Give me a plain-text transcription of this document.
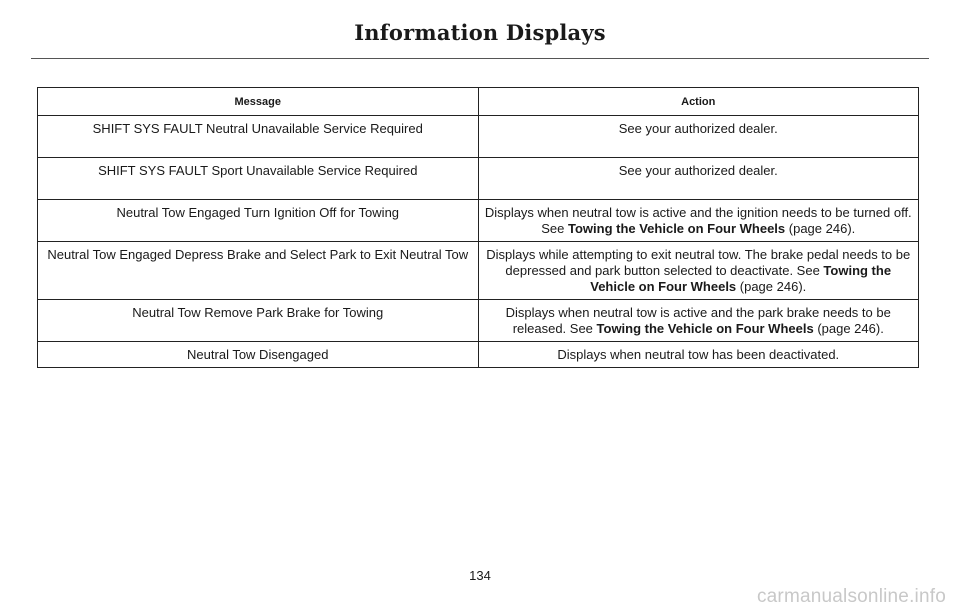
Information Displays
Message	Action
SHIFT SYS FAULT Neutral Unavailable Service Required	See your authorized dealer.
SHIFT SYS FAULT Sport Unavailable Service Required	See your authorized dealer.
Neutral Tow Engaged Turn Ignition Off for Towing	Displays when neutral tow is active and the ignition needs to be turned off. See Towing the Vehicle on Four Wheels (page 246).
Neutral Tow Engaged Depress Brake and Select Park to Exit Neutral Tow	Displays while attempting to exit neutral tow. The brake pedal needs to be depressed and park button selected to deactivate. See Towing the Vehicle on Four Wheels (page 246).
Neutral Tow Remove Park Brake for Towing	Displays when neutral tow is active and the park brake needs to be released. See Towing the Vehicle on Four Wheels (page 246).
Neutral Tow Disengaged	Displays when neutral tow has been deactivated.
134
carmanualsonline.info
